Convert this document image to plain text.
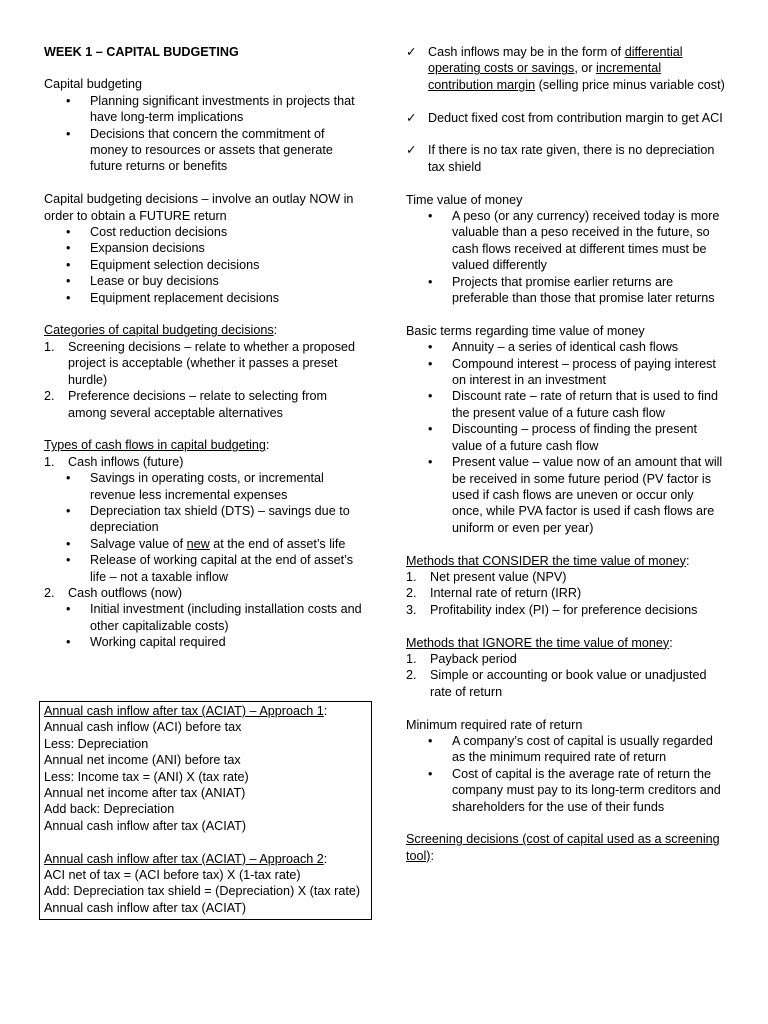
WEEK 1 – CAPITAL BUDGETING

Capital budgeting

• Planning significant investments in projects that have long-term implications
• Decisions that concern the commitment of money to resources or assets that generate future returns or benefits

Capital budgeting decisions – involve an outlay NOW in order to obtain a FUTURE return

• Cost reduction decisions
• Expansion decisions
• Equipment selection decisions
• Lease or buy decisions
• Equipment replacement decisions

Categories of capital budgeting decisions:

1. Screening decisions – relate to whether a proposed project is acceptable (whether it passes a preset hurdle)
2. Preference decisions – relate to selecting from among several acceptable alternatives

Types of cash flows in capital budgeting:

1. Cash inflows (future)
• Savings in operating costs, or incremental revenue less incremental expenses
• Depreciation tax shield (DTS) – savings due to depreciation
• Salvage value of new at the end of asset’s life
• Release of working capital at the end of asset’s life – not a taxable inflow
2. Cash outflows (now)
• Initial investment (including installation costs and other capitalizable costs)
• Working capital required

Annual cash inflow after tax (ACIAT) – Approach 1:

Annual cash inflow (ACI) before tax

Less: Depreciation

Annual net income (ANI) before tax

Less: Income tax = (ANI) X (tax rate)

Annual net income after tax (ANIAT)

Add back: Depreciation

Annual cash inflow after tax (ACIAT)

Annual cash inflow after tax (ACIAT) – Approach 2:

ACI net of tax = (ACI before tax) X (1-tax rate)

Add: Depreciation tax shield = (Depreciation) X (tax rate)

Annual cash inflow after tax (ACIAT)

✓ Cash inflows may be in the form of differential operating costs or savings, or incremental contribution margin (selling price minus variable cost)

✓ Deduct fixed cost from contribution margin to get ACI

✓ If there is no tax rate given, there is no depreciation tax shield

Time value of money

• A peso (or any currency) received today is more valuable than a peso received in the future, so cash flows received at different times must be valued differently
• Projects that promise earlier returns are preferable than those that promise later returns

Basic terms regarding time value of money

• Annuity – a series of identical cash flows
• Compound interest – process of paying interest on interest in an investment
• Discount rate – rate of return that is used to find the present value of a future cash flow
• Discounting – process of finding the present value of a future cash flow
• Present value – value now of an amount that will be received in some future period (PV factor is used if cash flows are uneven or occur only once, while PVA factor is used if cash flows are uniform or even per year)

Methods that CONSIDER the time value of money:

1. Net present value (NPV)
2. Internal rate of return (IRR)
3. Profitability index (PI) – for preference decisions

Methods that IGNORE the time value of money:

1. Payback period
2. Simple or accounting or book value or unadjusted rate of return

Minimum required rate of return

• A company’s cost of capital is usually regarded as the minimum required rate of return
• Cost of capital is the average rate of return the company must pay to its long-term creditors and shareholders for the use of their funds

Screening decisions (cost of capital used as a screening tool):
